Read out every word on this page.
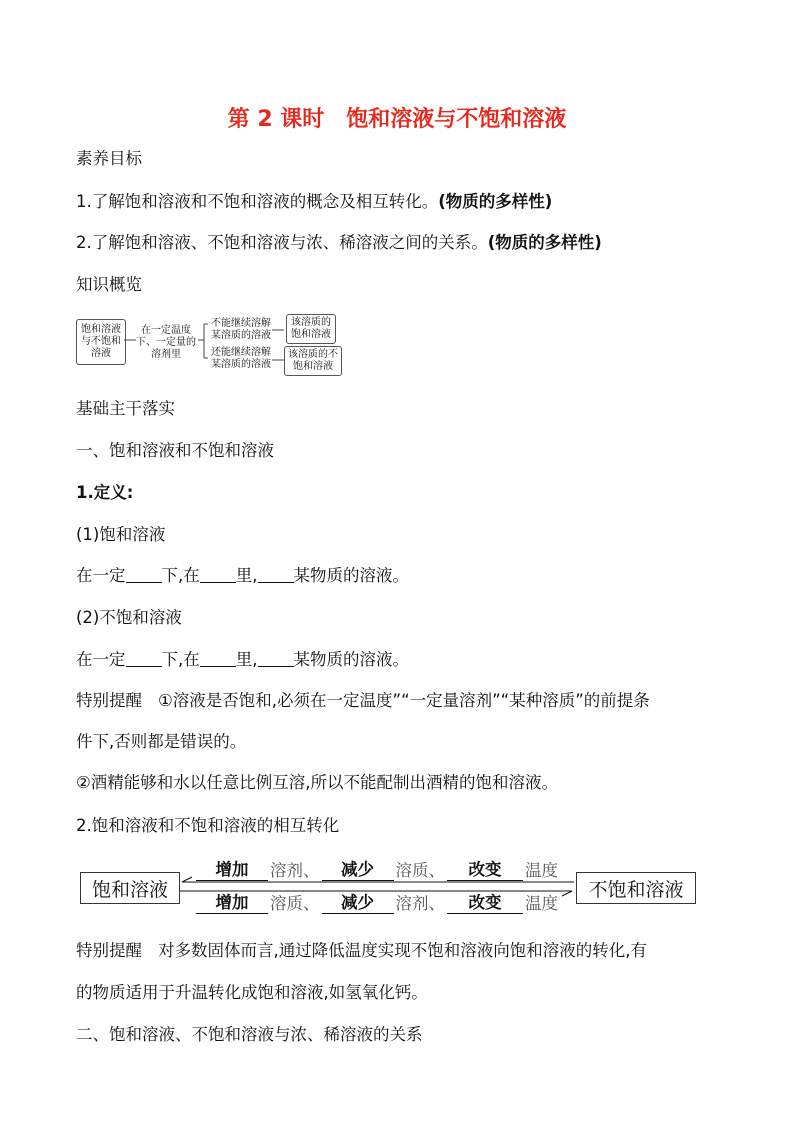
第 2 课时　饱和溶液与不饱和溶液
素养目标
1.了解饱和溶液和不饱和溶液的概念及相互转化。(物质的多样性)
2.了解饱和溶液、不饱和溶液与浓、稀溶液之间的关系。(物质的多样性)
知识概览
饱和溶液与不饱和溶液
在一定温度下、一定量的溶剂里
不能继续溶解某溶质的溶液
还能继续溶解某溶质的溶液
该溶质的饱和溶液
该溶质的不饱和溶液
基础主干落实
一、饱和溶液和不饱和溶液
1.定义:
(1)饱和溶液
在一定 下,在 里, 某物质的溶液。
(2)不饱和溶液
在一定 下,在 里, 某物质的溶液。
特别提醒 ①溶液是否饱和,必须在一定温度”“一定量溶剂”“某种溶质”的前提条
件下,否则都是错误的。
②酒精能够和水以任意比例互溶,所以不能配制出酒精的饱和溶液。
2.饱和溶液和不饱和溶液的相互转化
饱和溶液	不饱和溶液
增加	溶剂、	减少	溶质、	改变	温度
增加	溶质、	减少	溶剂、	改变	温度
特别提醒 对多数固体而言,通过降低温度实现不饱和溶液向饱和溶液的转化,有
的物质适用于升温转化成饱和溶液,如氢氧化钙。
二、饱和溶液、不饱和溶液与浓、稀溶液的关系
